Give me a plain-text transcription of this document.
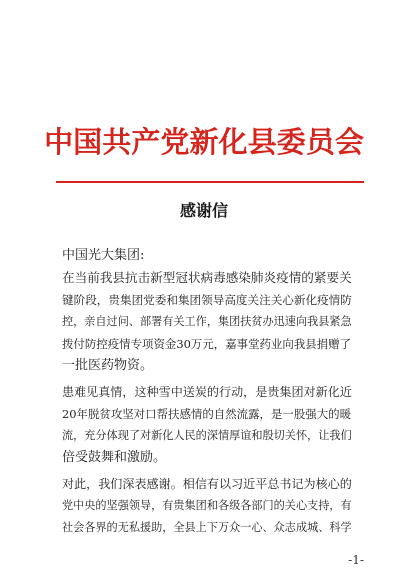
中国共产党新化县委员会
感谢信
中国光大集团:
在当前我县抗击新型冠状病毒感染肺炎疫情的紧要关
键阶段，贵集团党委和集团领导高度关注关心新化疫情防
控，亲自过问、部署有关工作，集团扶贫办迅速向我县紧急
拨付防控疫情专项资金30万元，嘉事堂药业向我县捐赠了
一批医药物资。
患难见真情，这种雪中送炭的行动，是贵集团对新化近
20年脱贫攻坚对口帮扶感情的自然流露，是一股强大的暖
流，充分体现了对新化人民的深情厚谊和殷切关怀，让我们
倍受鼓舞和激励。
对此，我们深表感谢。相信有以习近平总书记为核心的
党中央的坚强领导，有贵集团和各级各部门的关心支持，有
社会各界的无私援助，全县上下万众一心、众志成城、科学
-1-
